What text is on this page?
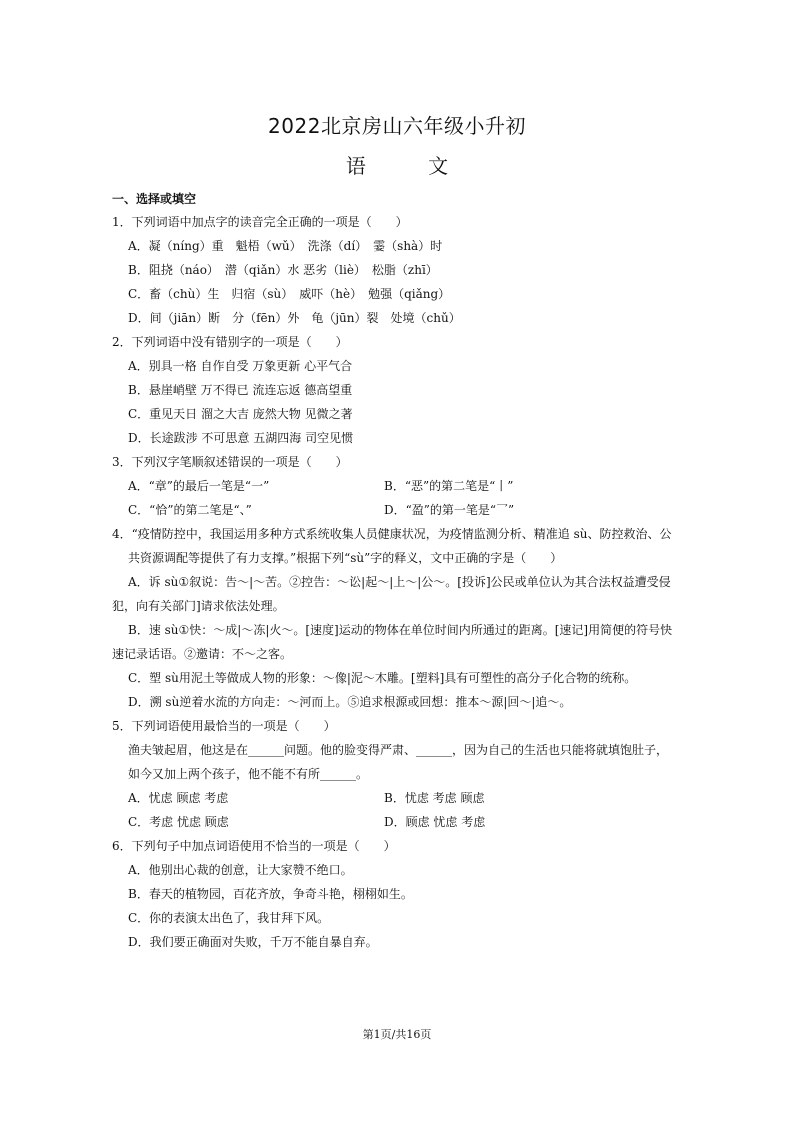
2022北京房山六年级小升初
语 文
一、选择或填空
1．下列词语中加点字的读音完全正确的一项是（　　）
A．凝（níng）重　魁梧（wǔ）　洗涤（dí）　霎（shà）时
B．阻挠（náo）　潜（qiǎn）水 恶劣（liè）　松脂（zhī）
C．畜（chù）生　归宿（sù）　威吓（hè）　勉强（qiǎng）
D．间（jiān）断　分（fēn）外　龟（jūn）裂　处境（chǔ）
2．下列词语中没有错别字的一项是（　　）
A．别具一格 自作自受 万象更新 心平气合
B．悬崖峭壁 万不得已 流连忘返 德高望重
C．重见天日 溜之大吉 庞然大物 见微之著
D．长途跋涉 不可思意 五湖四海 司空见惯
3．下列汉字笔顺叙述错误的一项是（　　）
A．“章”的最后一笔是“一”	B．“恶”的第二笔是“丨”
C．“恰”的第二笔是“、”	D．“盈”的第一笔是“乛”
4．“疫情防控中，我国运用多种方式系统收集人员健康状况，为疫情监测分析、精准追 sù、防控救治、公
共资源调配等提供了有力支撑。”根据下列“sù”字的释义，文中正确的字是（　　）
A．诉 sù①叙说：告～|～苦。②控告：～讼|起～|上～|公～。[投诉]公民或单位认为其合法权益遭受侵
犯，向有关部门]请求依法处理。
B．速 sù①快：～成|～冻|火～。[速度]运动的物体在单位时间内所通过的距离。[速记]用简便的符号快
速记录话语。②邀请：不～之客。
C．塑 sù用泥土等做成人物的形象：～像|泥～木雕。[塑料]具有可塑性的高分子化合物的统称。
D．溯 sù逆着水流的方向走：～河而上。⑤追求根源或回想：推本～源|回～|追～。
5．下列词语使用最恰当的一项是（　　）
渔夫皱起眉，他这是在______问题。他的脸变得严肃、______，因为自己的生活也只能将就填饱肚子，
如今又加上两个孩子，他不能不有所______。
A．忧虑 顾虑 考虑	B．忧虑 考虑 顾虑
C．考虑 忧虑 顾虑	D．顾虑 忧虑 考虑
6．下列句子中加点词语使用不恰当的一项是（　　）
A．他别出心裁的创意，让大家赞不绝口。
B．春天的植物园，百花齐放，争奇斗艳，栩栩如生。
C．你的表演太出色了，我甘拜下风。
D．我们要正确面对失败，千万不能自暴自弃。
第1页/共16页
